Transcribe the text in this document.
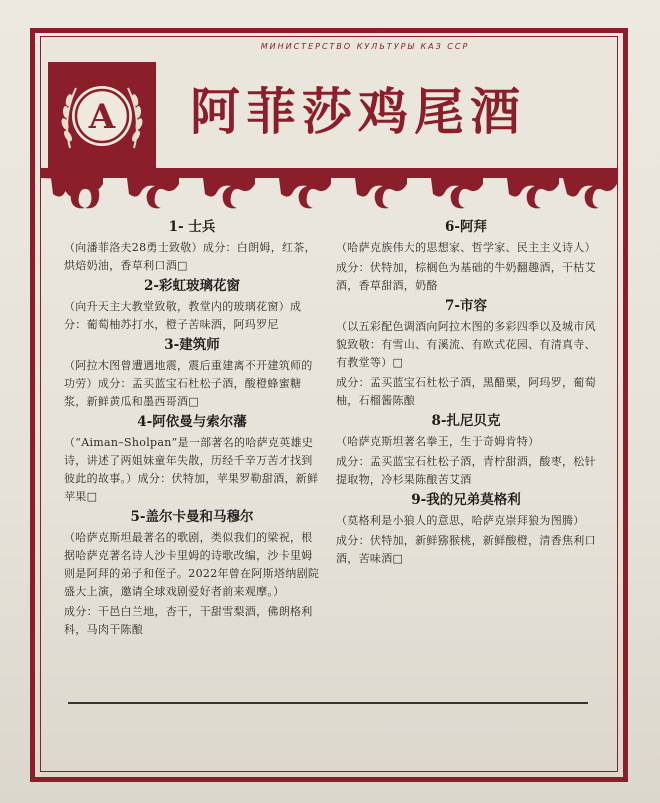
МИНИСТЕРСТВО КУЛЬТУРЫ КАЗ ССР
A 阿菲莎鸡尾酒
1- 士兵

（向潘菲洛夫28勇士致敬）成分：白朗姆，红茶，烘焙奶油，香草利口酒□

2-彩虹玻璃花窗

（向升天主大教堂致敬，教堂内的玻璃花窗）成分：葡萄柚苏打水，橙子苦味酒，阿玛罗尼

3-建筑师

（阿拉木图曾遭遇地震，震后重建离不开建筑师的功劳）成分：孟买蓝宝石杜松子酒，酸橙蜂蜜糖浆，新鲜黄瓜和墨西哥酒□

4-阿依曼与索尔藩

（“Aiman–Sholpan”是一部著名的哈萨克英雄史诗，讲述了两姐妹童年失散，历经千辛万苦才找到彼此的故事。）成分：伏特加，苹果罗勒甜酒，新鲜苹果□

5-盖尔卡曼和马穆尔

（哈萨克斯坦最著名的歌剧，类似我们的梁祝，根据哈萨克著名诗人沙卡里姆的诗歌改编，沙卡里姆则是阿拜的弟子和侄子。2022年曾在阿斯塔纳剧院盛大上演，邀请全球戏剧爱好者前来观摩。）

成分：干邑白兰地，杏干，干甜雪梨酒，佛朗格利科，马肉干陈酿

6-阿拜

（哈萨克族伟大的思想家、哲学家、民主主义诗人）

成分：伏特加，棕榈色为基础的牛奶翻趣酒，干枯艾酒，香草甜酒，奶酪

7-市容

（以五彩配色调酒向阿拉木图的多彩四季以及城市风貌致敬：有雪山、有溪流、有欧式花园、有清真寺、有教堂等）□

成分：孟买蓝宝石杜松子酒，黑醋栗，阿玛罗，葡萄柚，石榴酱陈酿

8-扎尼贝克

（哈萨克斯坦著名拳王，生于奇姆肯特）

成分：孟买蓝宝石杜松子酒，青柠甜酒，酸枣，松针提取物，冷杉果陈酿苦艾酒

9-我的兄弟莫格利

（莫格利是小狼人的意思，哈萨克崇拜狼为图腾）

成分：伏特加，新鲜猕猴桃，新鲜酸橙，清香焦利口酒，苦味酒□
